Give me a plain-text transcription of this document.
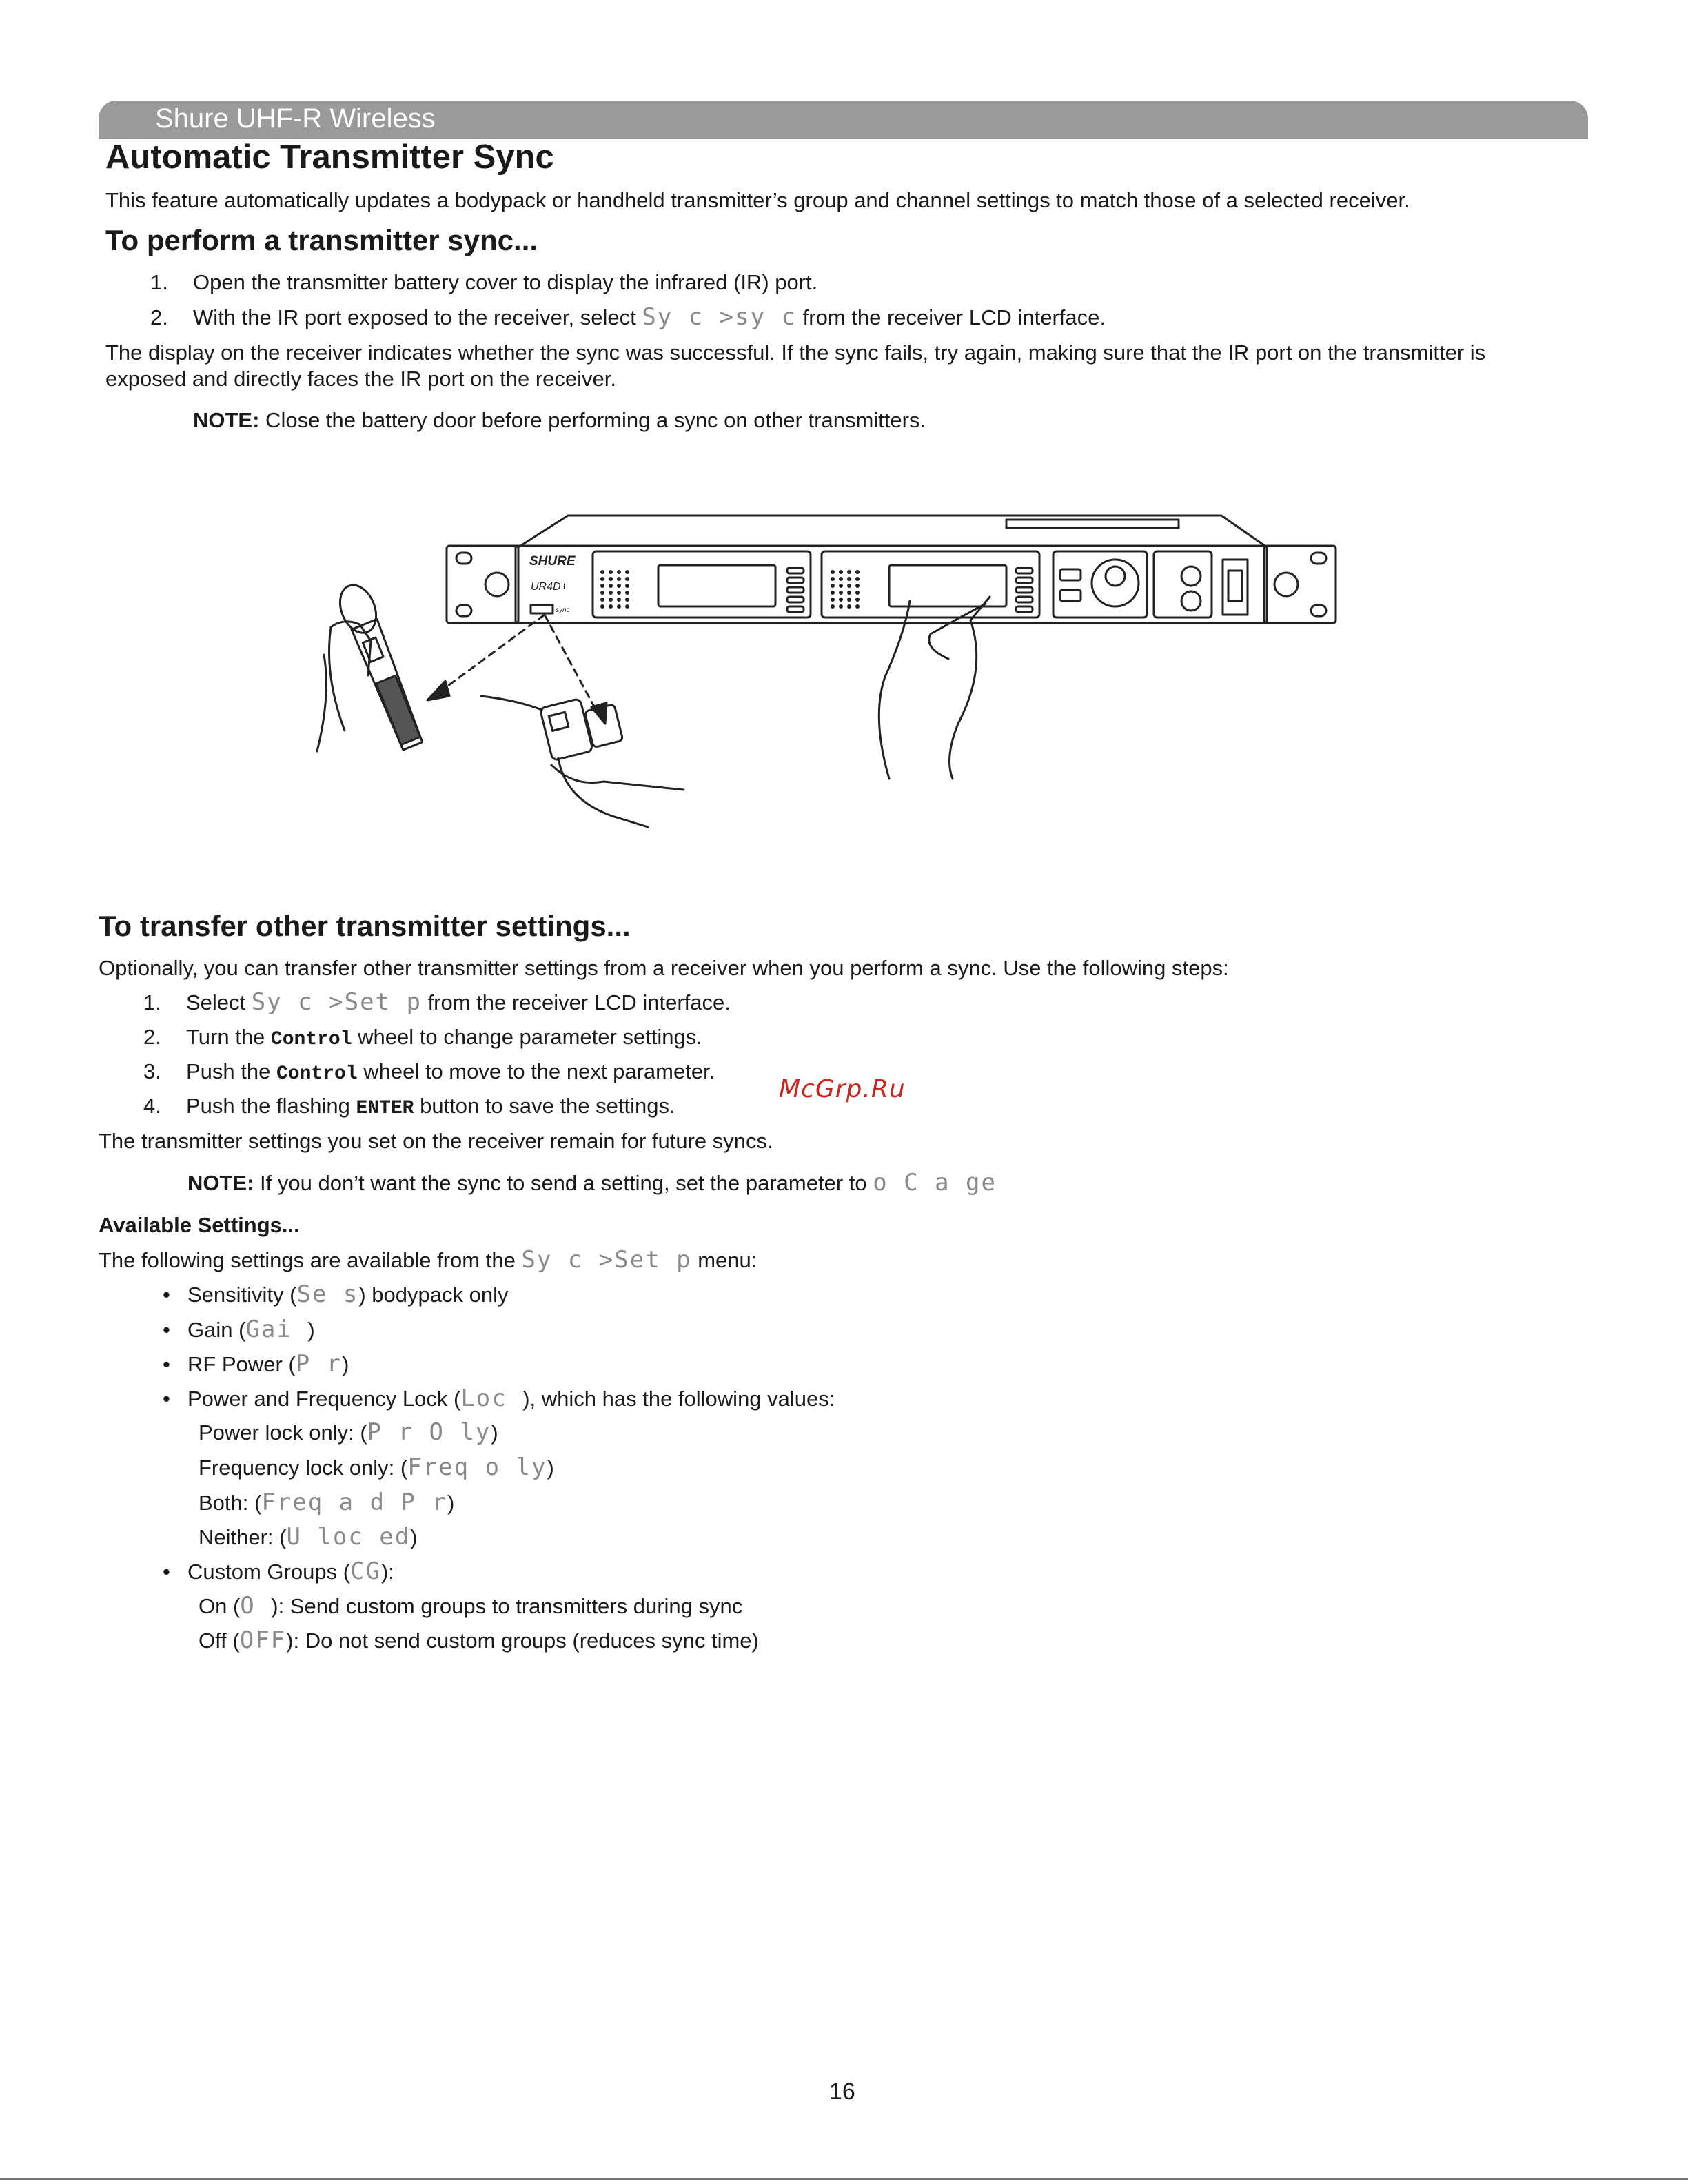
Shure UHF-R Wireless
Automatic Transmitter Sync

This feature automatically updates a bodypack or handheld transmitter’s group and channel settings to match those of a selected receiver.

To perform a transmitter sync...

1. Open the transmitter battery cover to display the infrared (IR) port.

2. With the IR port exposed to the receiver, select Sy c >sy c from the receiver LCD interface.

The display on the receiver indicates whether the sync was successful. If the sync fails, try again, making sure that the IR port on the transmitter is

exposed and directly faces the IR port on the receiver.

NOTE: Close the battery door before performing a sync on other transmitters.

SHURE
UR4D+
sync
To transfer other transmitter settings...

Optionally, you can transfer other transmitter settings from a receiver when you perform a sync. Use the following steps:

1. Select Sy c >Set p from the receiver LCD interface.

2. Turn the Control wheel to change parameter settings.

3. Push the Control wheel to move to the next parameter.

4. Push the flashing ENTER button to save the settings.

The transmitter settings you set on the receiver remain for future syncs.

NOTE: If you don’t want the sync to send a setting, set the parameter to o C a ge

McGrp.Ru

Available Settings...

The following settings are available from the Sy c >Set p menu:

• Sensitivity (Se s) bodypack only

• Gain (Gai )

• RF Power (P r)

• Power and Frequency Lock (Loc ), which has the following values:

Power lock only: (P r O ly)

Frequency lock only: (Freq o ly)

Both: (Freq a d P r)

Neither: (U loc ed)

• Custom Groups (CG):

On (O ): Send custom groups to transmitters during sync

Off (OFF): Do not send custom groups (reduces sync time)

16
